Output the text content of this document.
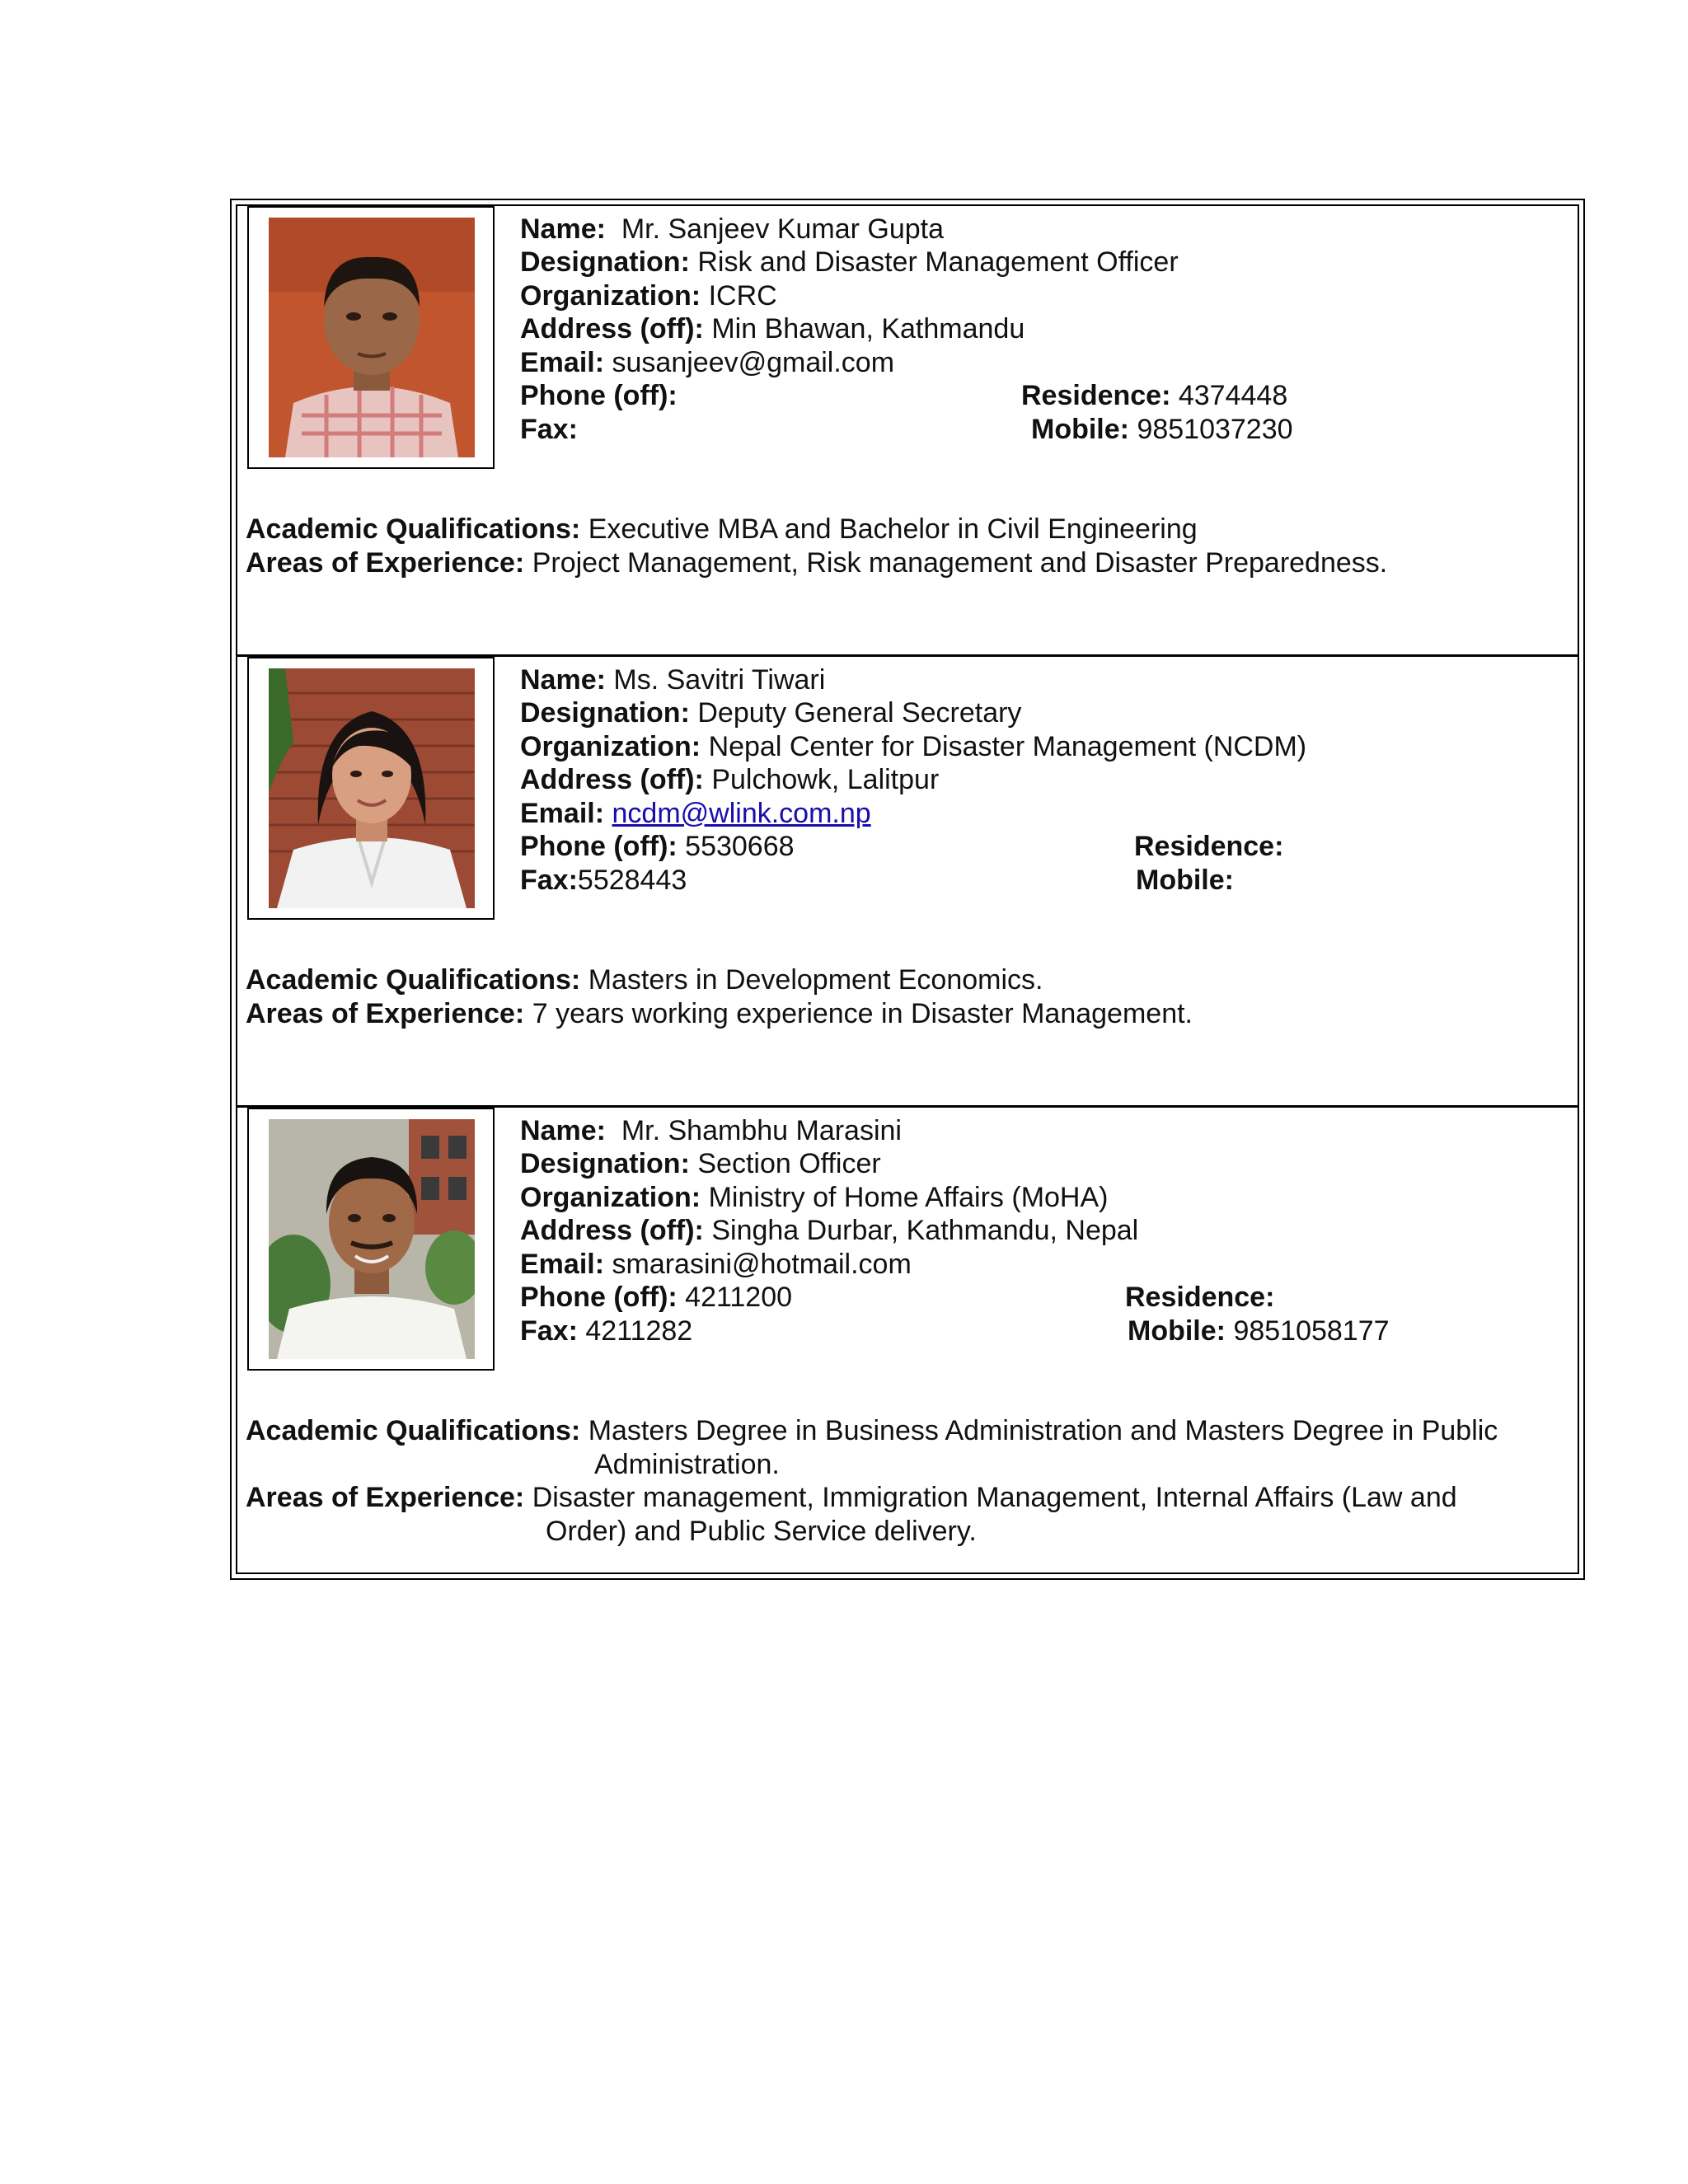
Name: Mr. Sanjeev Kumar Gupta
Designation: Risk and Disaster Management Officer
Organization: ICRC
Address (off): Min Bhawan, Kathmandu
Email: susanjeev@gmail.com
Phone (off):	Residence: 4374448
Fax:	Mobile: 9851037230
Academic Qualifications: Executive MBA and Bachelor in Civil Engineering
Areas of Experience: Project Management, Risk management and Disaster Preparedness.
Name: Ms. Savitri Tiwari
Designation: Deputy General Secretary
Organization: Nepal Center for Disaster Management (NCDM)
Address (off): Pulchowk, Lalitpur
Email: ncdm@wlink.com.np
Phone (off): 5530668	Residence:
Fax:5528443	Mobile:
Academic Qualifications: Masters in Development Economics.
Areas of Experience: 7 years working experience in Disaster Management.
Name: Mr. Shambhu Marasini
Designation: Section Officer
Organization: Ministry of Home Affairs (MoHA)
Address (off): Singha Durbar, Kathmandu, Nepal
Email: smarasini@hotmail.com
Phone (off): 4211200	Residence:
Fax: 4211282	Mobile: 9851058177
Academic Qualifications: Masters Degree in Business Administration and Masters Degree in Public
Administration.
Areas of Experience: Disaster management, Immigration Management, Internal Affairs (Law and
Order) and Public Service delivery.
